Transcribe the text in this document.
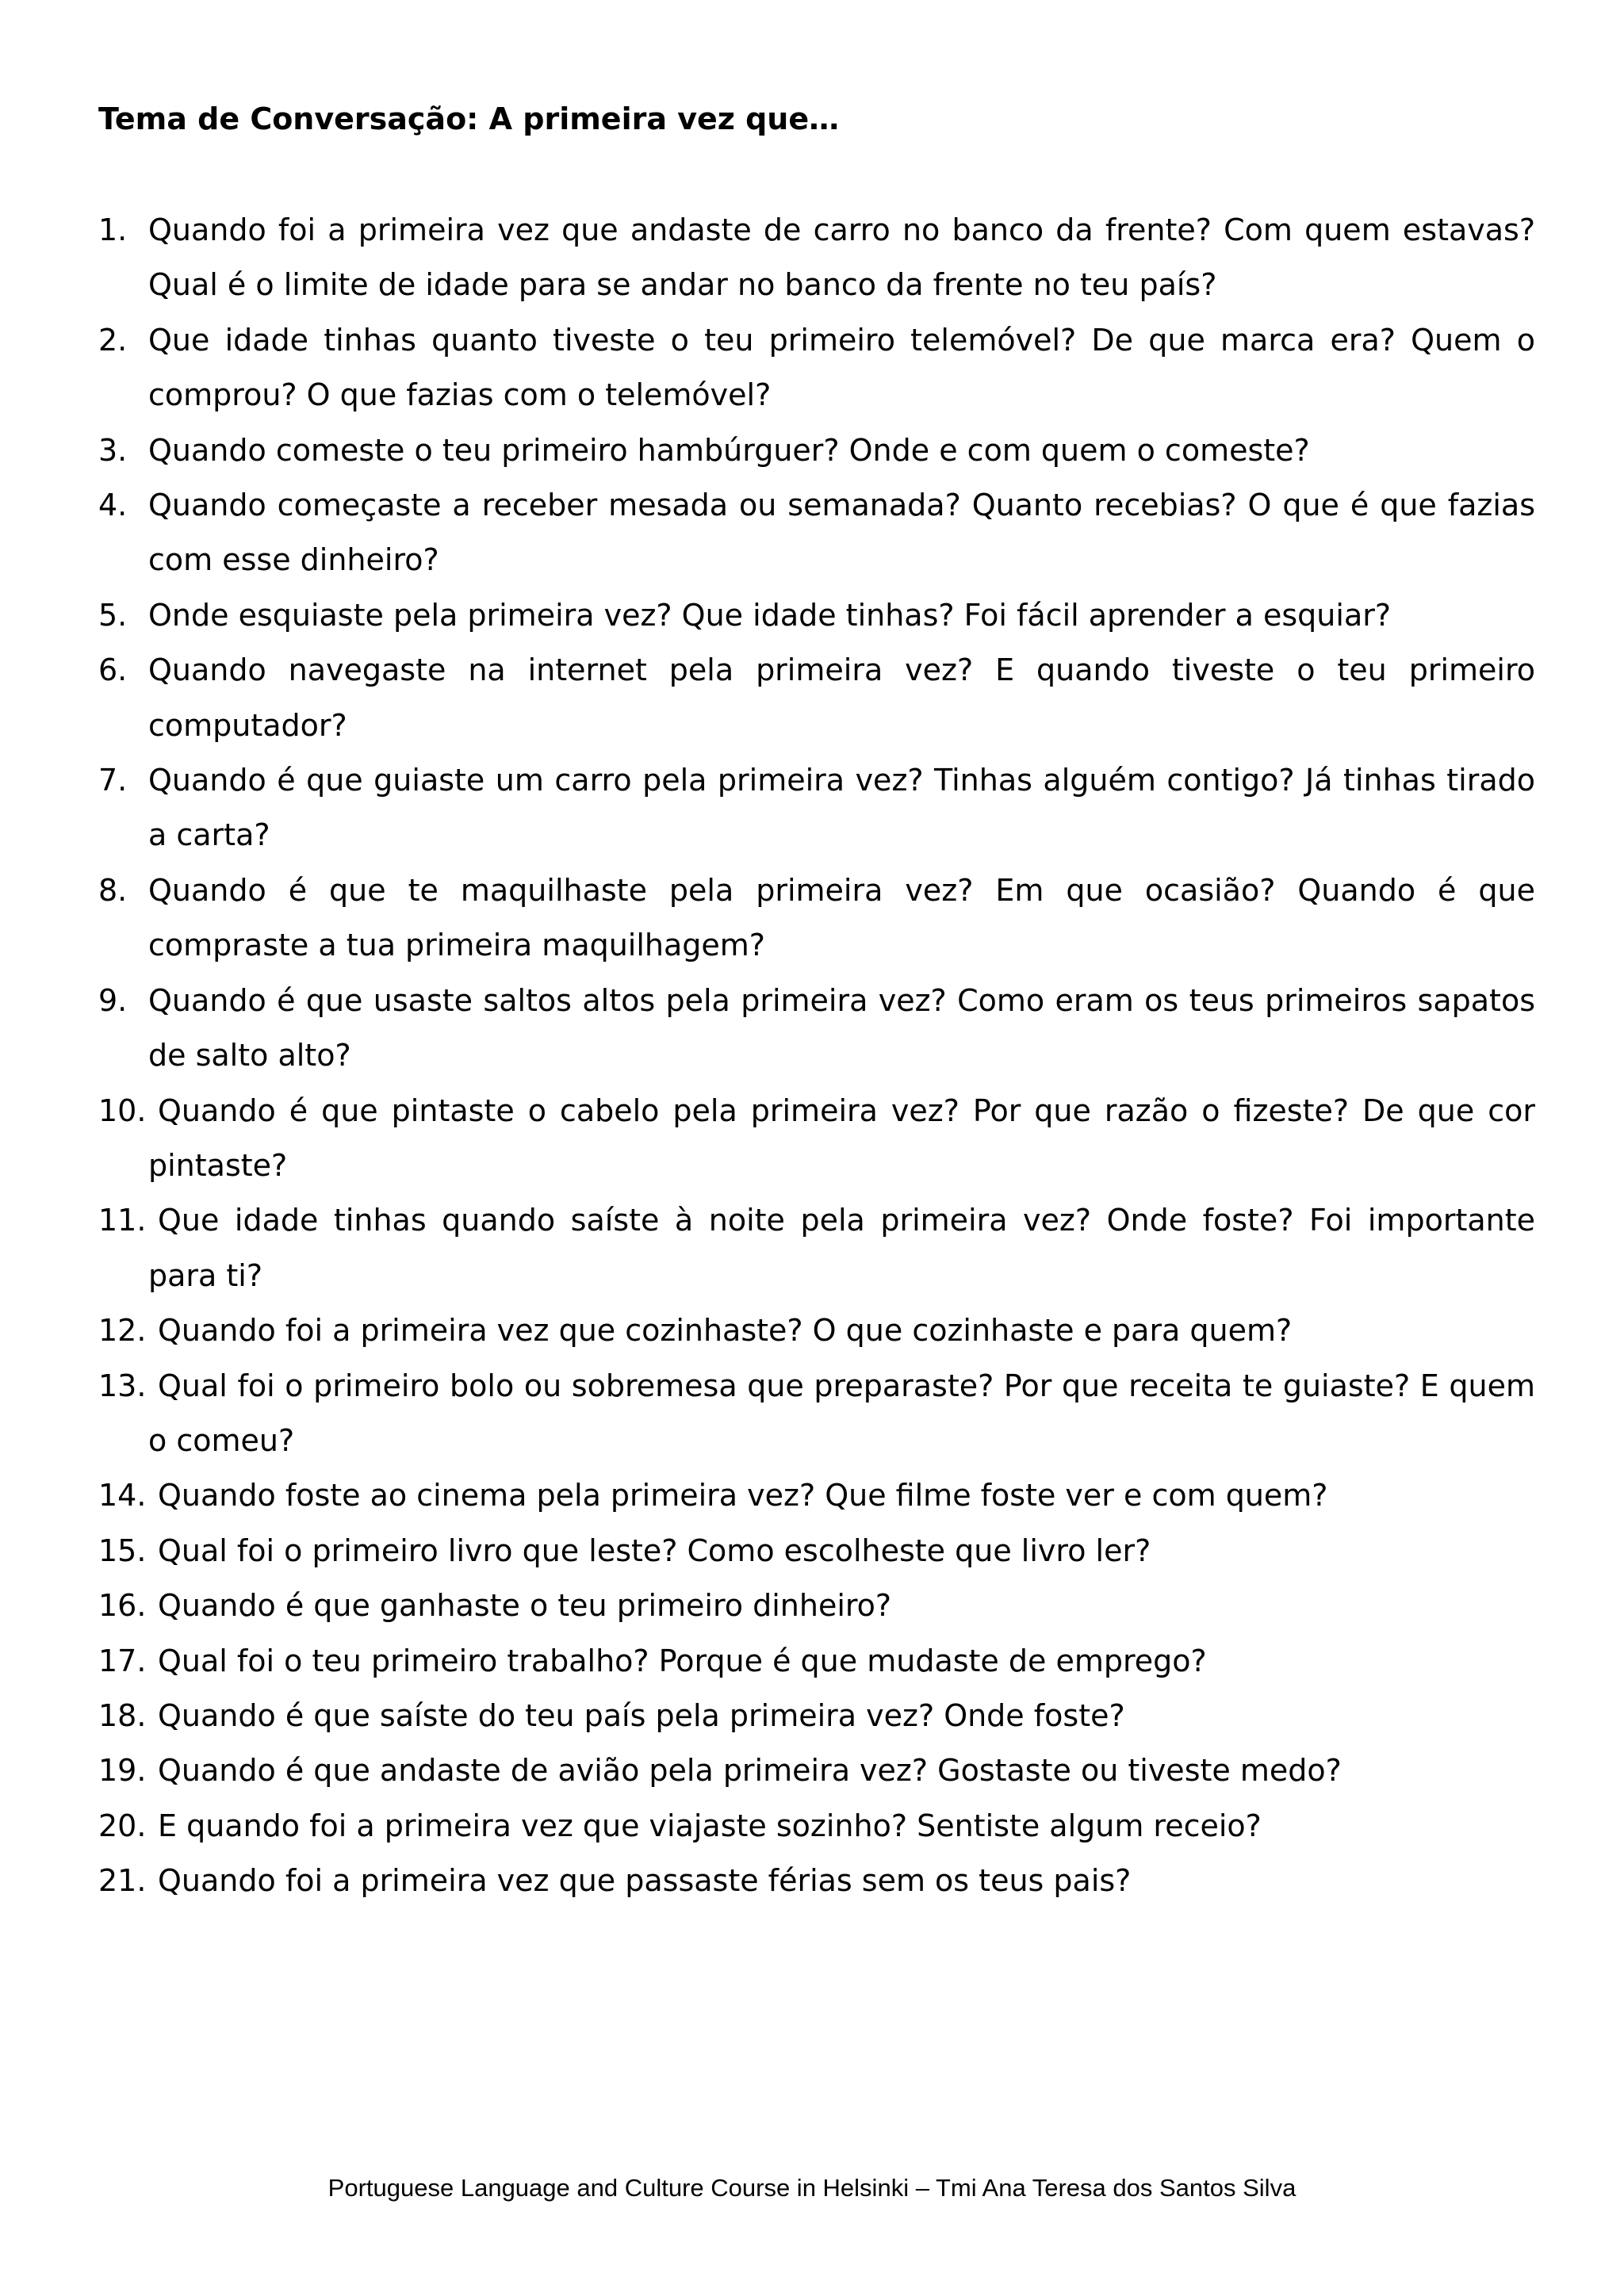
Tema de Conversação: A primeira vez que…
1. Quando foi a primeira vez que andaste de carro no banco da frente? Com quem estavas? Qual é o limite de idade para se andar no banco da frente no teu país?
2. Que idade tinhas quanto tiveste o teu primeiro telemóvel? De que marca era? Quem o comprou? O que fazias com o telemóvel?
3. Quando comeste o teu primeiro hambúrguer? Onde e com quem o comeste?
4. Quando começaste a receber mesada ou semanada? Quanto recebias? O que é que fazias com esse dinheiro?
5. Onde esquiaste pela primeira vez? Que idade tinhas? Foi fácil aprender a esquiar?
6. Quando navegaste na internet pela primeira vez? E quando tiveste o teu primeiro computador?
7. Quando é que guiaste um carro pela primeira vez? Tinhas alguém contigo? Já tinhas tirado a carta?
8. Quando é que te maquilhaste pela primeira vez? Em que ocasião? Quando é que compraste a tua primeira maquilhagem?
9. Quando é que usaste saltos altos pela primeira vez? Como eram os teus primeiros sapatos de salto alto?
10. Quando é que pintaste o cabelo pela primeira vez? Por que razão o fizeste? De que cor pintaste?
11. Que idade tinhas quando saíste à noite pela primeira vez? Onde foste? Foi importante para ti?
12. Quando foi a primeira vez que cozinhaste? O que cozinhaste e para quem?
13. Qual foi o primeiro bolo ou sobremesa que preparaste? Por que receita te guiaste? E quem o comeu?
14. Quando foste ao cinema pela primeira vez? Que filme foste ver e com quem?
15. Qual foi o primeiro livro que leste? Como escolheste que livro ler?
16. Quando é que ganhaste o teu primeiro dinheiro?
17. Qual foi o teu primeiro trabalho? Porque é que mudaste de emprego?
18. Quando é que saíste do teu país pela primeira vez? Onde foste?
19. Quando é que andaste de avião pela primeira vez? Gostaste ou tiveste medo?
20. E quando foi a primeira vez que viajaste sozinho? Sentiste algum receio?
21. Quando foi a primeira vez que passaste férias sem os teus pais?
Portuguese Language and Culture Course in Helsinki – Tmi Ana Teresa dos Santos Silva
